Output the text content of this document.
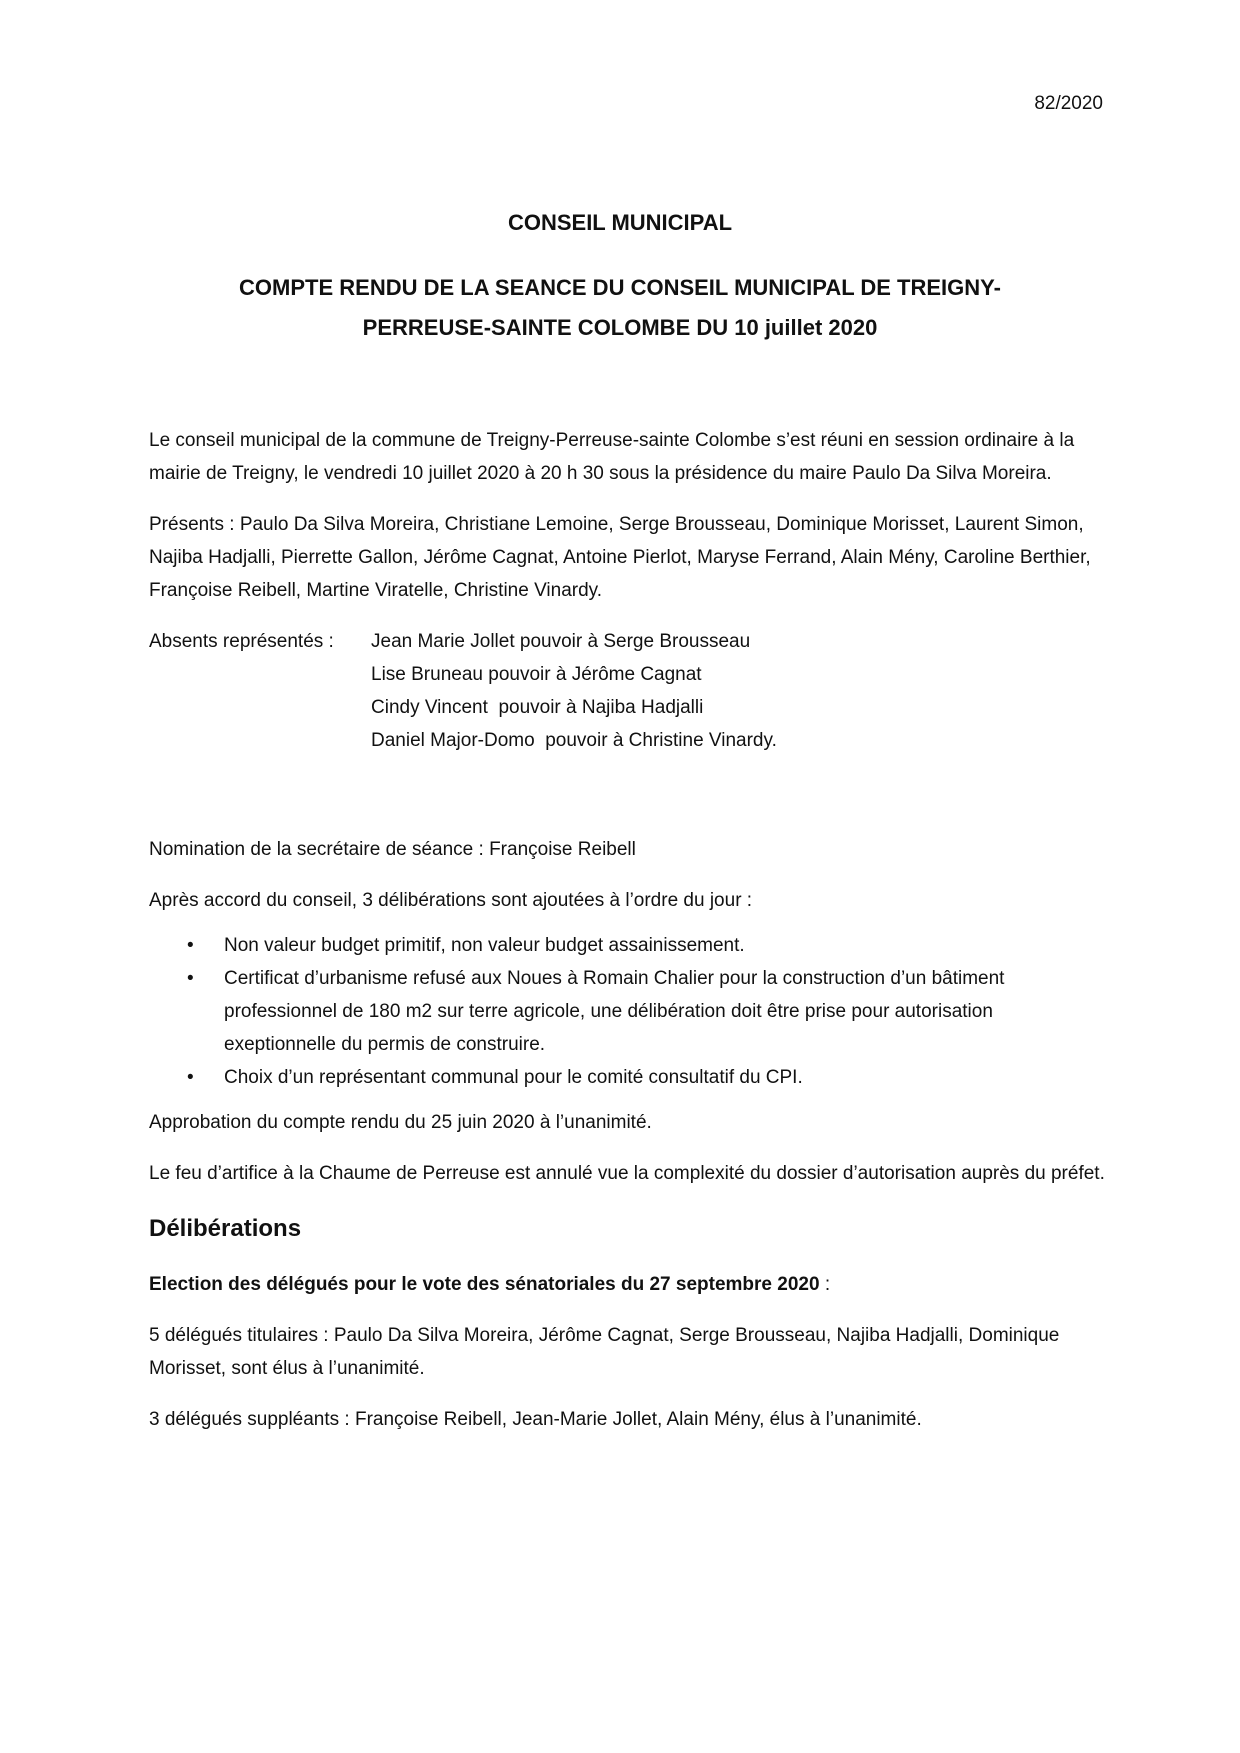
82/2020
CONSEIL MUNICIPAL
COMPTE RENDU DE LA SEANCE DU CONSEIL MUNICIPAL DE TREIGNY-
PERREUSE-SAINTE COLOMBE DU 10 juillet 2020

Le conseil municipal de la commune de Treigny-Perreuse-sainte Colombe s’est réuni en session ordinaire à la mairie de Treigny, le vendredi 10 juillet 2020 à 20 h 30 sous la présidence du maire Paulo Da Silva Moreira.

Présents : Paulo Da Silva Moreira, Christiane Lemoine, Serge Brousseau, Dominique Morisset, Laurent Simon, Najiba Hadjalli, Pierrette Gallon, Jérôme Cagnat, Antoine Pierlot, Maryse Ferrand, Alain Mény, Caroline Berthier, Françoise Reibell, Martine Viratelle, Christine Vinardy.

Absents représentés :	Jean Marie Jollet pouvoir à Serge Brousseau
Lise Bruneau pouvoir à Jérôme Cagnat
Cindy Vincent  pouvoir à Najiba Hadjalli
Daniel Major-Domo  pouvoir à Christine Vinardy.

Nomination de la secrétaire de séance : Françoise Reibell

Après accord du conseil, 3 délibérations sont ajoutées à l’ordre du jour :

• Non valeur budget primitif, non valeur budget assainissement.
• Certificat d’urbanisme refusé aux Noues à Romain Chalier pour la construction d’un bâtiment professionnel de 180 m2 sur terre agricole, une délibération doit être prise pour autorisation exeptionnelle du permis de construire.
• Choix d’un représentant communal pour le comité consultatif du CPI.

Approbation du compte rendu du 25 juin 2020 à l’unanimité.

Le feu d’artifice à la Chaume de Perreuse est annulé vue la complexité du dossier d’autorisation auprès du préfet.

Délibérations

Election des délégués pour le vote des sénatoriales du 27 septembre 2020 :

5 délégués titulaires : Paulo Da Silva Moreira, Jérôme Cagnat, Serge Brousseau, Najiba Hadjalli, Dominique Morisset, sont élus à l’unanimité.

3 délégués suppléants : Françoise Reibell, Jean-Marie Jollet, Alain Mény, élus à l’unanimité.
